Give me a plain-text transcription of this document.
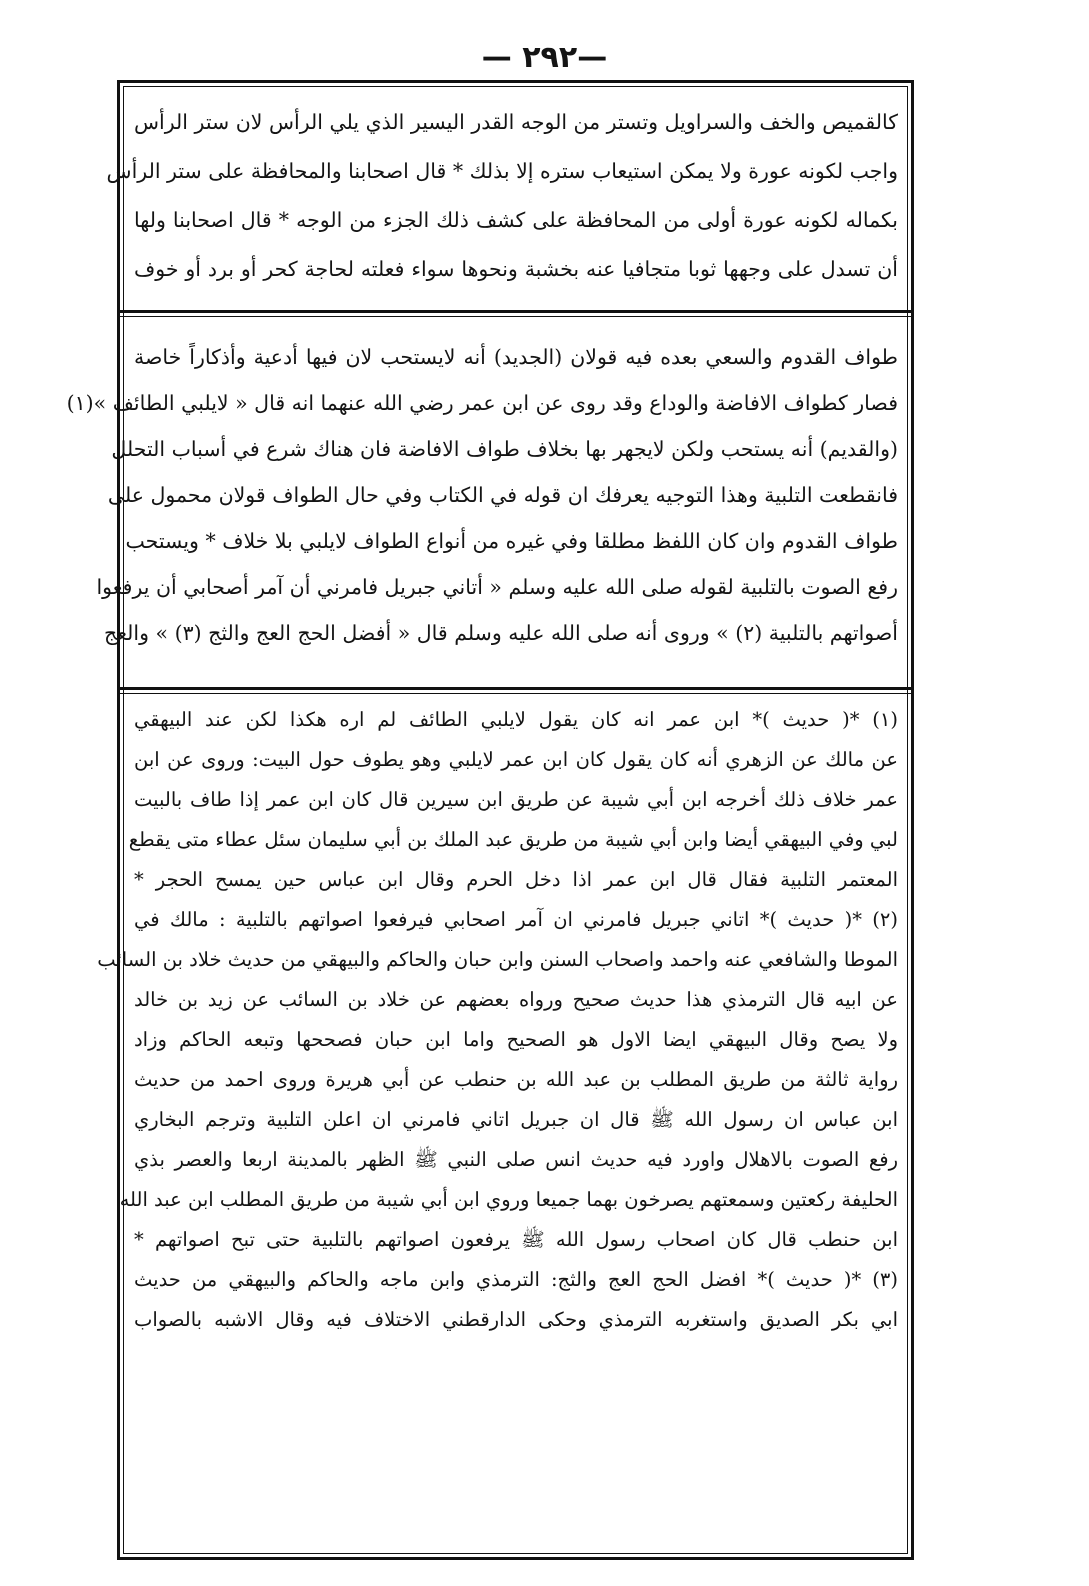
— ٢٩٢—
كالقميص والخف والسراويل وتستر من الوجه القدر اليسير الذي يلي الرأس لان ستر الرأس
واجب لكونه عورة ولا يمكن استيعاب ستره إلا بذلك * قال اصحابنا والمحافظة على ستر الرأس
بكماله لكونه عورة أولى من المحافظة على كشف ذلك الجزء من الوجه * قال اصحابنا ولها
أن تسدل على وجهها ثوبا متجافيا عنه بخشبة ونحوها سواء فعلته لحاجة كحر أو برد أو خوف
طواف القدوم والسعي بعده فيه قولان (الجديد) أنه لايستحب لان فيها أدعية وأذكاراً خاصة
فصار كطواف الافاضة والوداع وقد روى عن ابن عمر رضي الله عنهما انه قال « لايلبي الطائف »(١)
(والقديم) أنه يستحب ولكن لايجهر بها بخلاف طواف الافاضة فان هناك شرع في أسباب التحلل
فانقطعت التلبية وهذا التوجيه يعرفك ان قوله في الكتاب وفي حال الطواف قولان محمول على
طواف القدوم وان كان اللفظ مطلقا وفي غيره من أنواع الطواف لايلبي بلا خلاف * ويستحب
رفع الصوت بالتلبية لقوله صلى الله عليه وسلم « أتاني جبريل فامرني أن آمر أصحابي أن يرفعوا
أصواتهم بالتلبية (٢) » وروى أنه صلى الله عليه وسلم قال « أفضل الحج العج والثج (٣) » والعج
(١) *( حديث )* ابن عمر انه كان يقول لايلبي الطائف لم اره هكذا لكن عند البيهقي
عن مالك عن الزهري أنه كان يقول كان ابن عمر لايلبي وهو يطوف حول البيت: وروى عن ابن
عمر خلاف ذلك أخرجه ابن أبي شيبة عن طريق ابن سيرين قال كان ابن عمر إذا طاف بالبيت
لبي وفي البيهقي أيضا وابن أبي شيبة من طريق عبد الملك بن أبي سليمان سئل عطاء متى يقطع
المعتمر التلبية فقال قال ابن عمر اذا دخل الحرم وقال ابن عباس حين يمسح الحجر *
(٢) *( حديث )* اتاني جبريل فامرني ان آمر اصحابي فيرفعوا اصواتهم بالتلبية : مالك في
الموطا والشافعي عنه واحمد واصحاب السنن وابن حبان والحاكم والبيهقي من حديث خلاد بن السائب
عن ابيه قال الترمذي هذا حديث صحيح ورواه بعضهم عن خلاد بن السائب عن زيد بن خالد
ولا يصح وقال البيهقي ايضا الاول هو الصحيح واما ابن حبان فصححها وتبعه الحاكم وزاد
رواية ثالثة من طريق المطلب بن عبد الله بن حنطب عن أبي هريرة وروى احمد من حديث
ابن عباس ان رسول الله ﷺ قال ان جبريل اتاني فامرني ان اعلن التلبية وترجم البخاري
رفع الصوت بالاهلال واورد فيه حديث انس صلى النبي ﷺ الظهر بالمدينة اربعا والعصر بذي
الحليفة ركعتين وسمعتهم يصرخون بهما جميعا وروي ابن أبي شيبة من طريق المطلب ابن عبد الله
ابن حنطب قال كان اصحاب رسول الله ﷺ يرفعون اصواتهم بالتلبية حتى تبح اصواتهم *
(٣) *( حديث )* افضل الحج العج والثج: الترمذي وابن ماجه والحاكم والبيهقي من حديث
ابي بكر الصديق واستغربه الترمذي وحكى الدارقطني الاختلاف فيه وقال الاشبه بالصواب
